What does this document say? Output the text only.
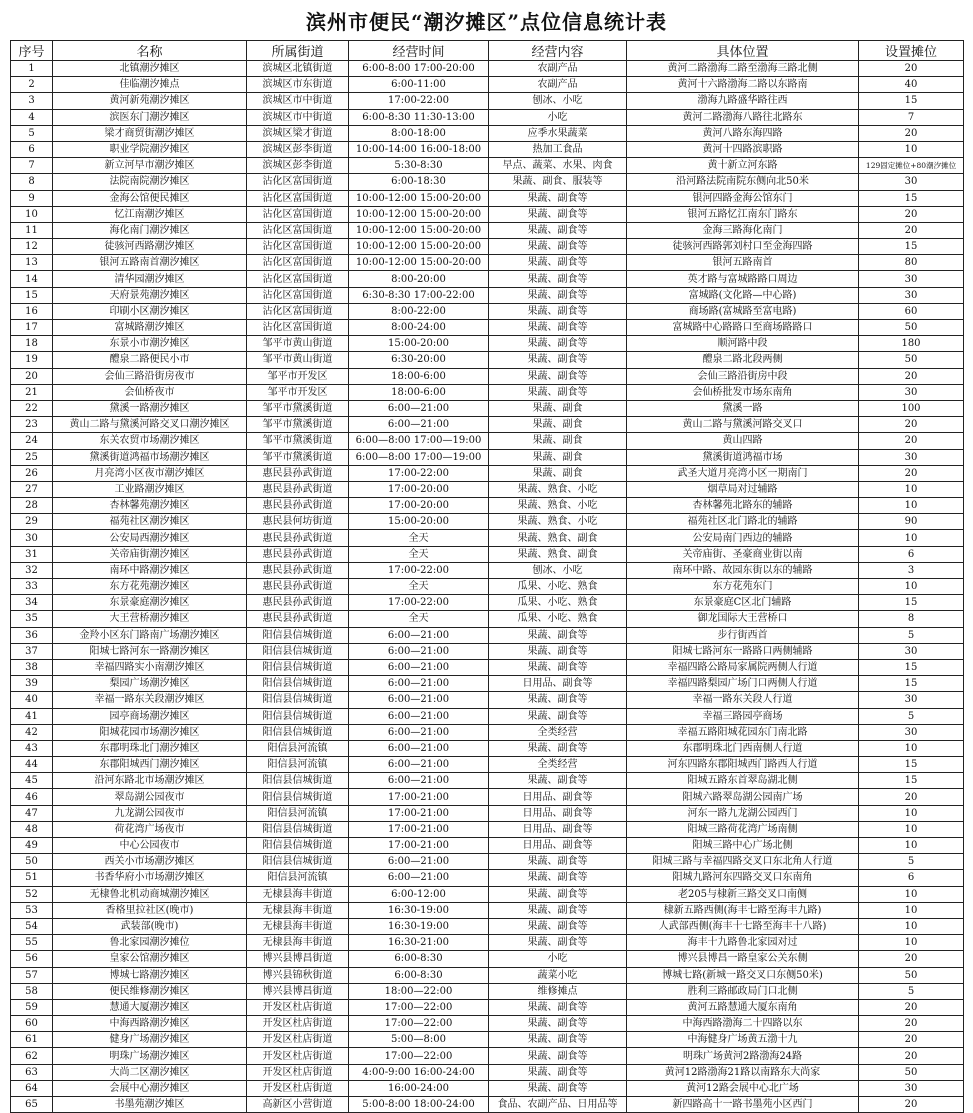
滨州市便民“潮汐摊区”点位信息统计表
序号	名称	所属街道	经营时间	经营内容	具体位置	设置摊位
1	北镇潮汐摊区	滨城区北镇街道	6:00-8:00 17:00-20:00	农副产品	黄河二路渤海二路至渤海三路北侧	20
2	佳临潮汐摊点	滨城区市东街道	6:00-11:00	农副产品	黄河十六路渤海二路以东路南	40
3	黄河新苑潮汐摊区	滨城区市中街道	17:00-22:00	刨冰、小吃	渤海九路盛华路往西	15
4	滨医东门潮汐摊区	滨城区市中街道	6:00-8:30 11:30-13:00	小吃	黄河二路渤海八路往北路东	7
5	梁才商贸街潮汐摊区	滨城区梁才街道	8:00-18:00	应季水果蔬菜	黄河八路东海四路	20
6	职业学院潮汐摊区	滨城区彭李街道	10:00-14:00 16:00-18:00	热加工食品	黄河十四路滨职路	10
7	新立河早市潮汐摊区	滨城区彭李街道	5:30-8:30	早点、蔬菜、水果、肉食	黄十新立河东路	129固定摊位+80潮汐摊位
8	法院南院潮汐摊区	沾化区富国街道	6:00-18:30	果蔬、副食、服装等	沿河路法院南院东侧向北50米	30
9	金海公馆便民摊区	沾化区富国街道	10:00-12:00 15:00-20:00	果蔬、副食等	银河四路金海公馆东门	15
10	忆江南潮汐摊区	沾化区富国街道	10:00-12:00 15:00-20:00	果蔬、副食等	银河五路忆江南东门路东	20
11	海化南门潮汐摊区	沾化区富国街道	10:00-12:00 15:00-20:00	果蔬、副食等	金海三路海化南门	20
12	徒骇河西路潮汐摊区	沾化区富国街道	10:00-12:00 15:00-20:00	果蔬、副食等	徒骇河西路郭刘村口至金海四路	15
13	银河五路南首潮汐摊区	沾化区富国街道	10:00-12:00 15:00-20:00	果蔬、副食等	银河五路南首	80
14	清华园潮汐摊区	沾化区富国街道	8:00-20:00	果蔬、副食等	英才路与富城路路口周边	30
15	天府景苑潮汐摊区	沾化区富国街道	6:30-8:30 17:00-22:00	果蔬、副食等	富城路(文化路—中心路)	30
16	印刷小区潮汐摊区	沾化区富国街道	8:00-22:00	果蔬、副食等	商场路(富城路至富电路)	60
17	富城路潮汐摊区	沾化区富国街道	8:00-24:00	果蔬、副食等	富城路中心路路口至商场路路口	50
18	东景小市潮汐摊区	邹平市黄山街道	15:00-20:00	果蔬、副食等	顺河路中段	180
19	醴泉二路便民小市	邹平市黄山街道	6:30-20:00	果蔬、副食等	醴泉二路北段两侧	50
20	会仙三路沿街房夜市	邹平市开发区	18:00-6:00	果蔬、副食等	会仙三路沿街房中段	20
21	会仙桥夜市	邹平市开发区	18:00-6:00	果蔬、副食等	会仙桥批发市场东南角	30
22	黛溪一路潮汐摊区	邹平市黛溪街道	6:00—21:00	果蔬、副食	黛溪一路	100
23	黄山二路与黛溪河路交叉口潮汐摊区	邹平市黛溪街道	6:00—21:00	果蔬、副食	黄山二路与黛溪河路交叉口	20
24	东关农贸市场潮汐摊区	邹平市黛溪街道	6:00—8:00 17:00—19:00	果蔬、副食	黄山四路	20
25	黛溪街道鸿福市场潮汐摊区	邹平市黛溪街道	6:00—8:00 17:00—19:00	果蔬、副食	黛溪街道鸿福市场	30
26	月亮湾小区夜市潮汐摊区	惠民县孙武街道	17:00-22:00	果蔬、副食	武圣大道月亮湾小区一期南门	20
27	工业路潮汐摊区	惠民县孙武街道	17:00-20:00	果蔬、熟食、小吃	烟草局对过辅路	10
28	杏林馨苑潮汐摊区	惠民县孙武街道	17:00-20:00	果蔬、熟食、小吃	杏林馨苑北路东的辅路	10
29	福苑社区潮汐摊区	惠民县何坊街道	15:00-20:00	果蔬、熟食、小吃	福苑社区北门路北的辅路	90
30	公安局西潮汐摊区	惠民县孙武街道	全天	果蔬、熟食、副食	公安局南门西边的辅路	10
31	关帝庙街潮汐摊区	惠民县孙武街道	全天	果蔬、熟食、副食	关帝庙街、圣豪商业街以南	6
32	南环中路潮汐摊区	惠民县孙武街道	17:00-22:00	刨冰、小吃	南环中路、故园东街以东的辅路	3
33	东方花苑潮汐摊区	惠民县孙武街道	全天	瓜果、小吃、熟食	东方花苑东门	10
34	东景豪庭潮汐摊区	惠民县孙武街道	17:00-22:00	瓜果、小吃、熟食	东景豪庭C区北门辅路	15
35	大王营桥潮汐摊区	惠民县孙武街道	全天	瓜果、小吃、熟食	御龙国际大王营桥口	8
36	金羚小区东门路南广场潮汐摊区	阳信县信城街道	6:00—21:00	果蔬、副食等	步行街西首	5
37	阳城七路河东一路潮汐摊区	阳信县信城街道	6:00—21:00	果蔬、副食等	阳城七路河东一路路口两侧辅路	30
38	幸福四路实小南潮汐摊区	阳信县信城街道	6:00—21:00	果蔬、副食等	幸福四路公路局家属院两侧人行道	15
39	梨园广场潮汐摊区	阳信县信城街道	6:00—21:00	日用品、副食等	幸福四路梨园广场门口两侧人行道	15
40	幸福一路东关段潮汐摊区	阳信县信城街道	6:00—21:00	果蔬、副食等	幸福一路东关段人行道	30
41	园亭商场潮汐摊区	阳信县信城街道	6:00—21:00	果蔬、副食等	幸福三路园亭商场	5
42	阳城花园市场潮汐摊区	阳信县信城街道	6:00—21:00	全类经营	幸福五路阳城花园东门南北路	30
43	东郡明珠北门潮汐摊区	阳信县河流镇	6:00—21:00	果蔬、副食等	东郡明珠北门西南侧人行道	10
44	东郡阳城西门潮汐摊区	阳信县河流镇	6:00—21:00	全类经营	河东四路东郡阳城西门路西人行道	15
45	沿河东路北市场潮汐摊区	阳信县信城街道	6:00—21:00	果蔬、副食等	阳城五路东首翠岛湖北侧	15
46	翠岛湖公园夜市	阳信县信城街道	17:00-21:00	日用品、副食等	阳城六路翠岛湖公园南广场	20
47	九龙湖公园夜市	阳信县河流镇	17:00-21:00	日用品、副食等	河东一路九龙湖公园西门	10
48	荷花湾广场夜市	阳信县信城街道	17:00-21:00	日用品、副食等	阳城三路荷花湾广场南侧	10
49	中心公园夜市	阳信县信城街道	17:00-21:00	日用品、副食等	阳城三路中心广场北侧	10
50	西关小市场潮汐摊区	阳信县信城街道	6:00—21:00	果蔬、副食等	阳城三路与幸福四路交叉口东北角人行道	5
51	书香华府小市场潮汐摊区	阳信县河流镇	6:00—21:00	果蔬、副食等	阳城九路河东四路交叉口东南角	6
52	无棣鲁北机动商城潮汐摊区	无棣县海丰街道	6:00-12:00	果蔬、副食等	老205与棣新三路交叉口南侧	10
53	香格里拉社区(晚市)	无棣县海丰街道	16:30-19:00	果蔬、副食等	棣新五路西侧(海丰七路至海丰九路)	10
54	武装部(晚市)	无棣县海丰街道	16:30-19:00	果蔬、副食等	人武部西侧(海丰十七路至海丰十八路)	10
55	鲁北家园潮汐摊位	无棣县海丰街道	16:30-21:00	果蔬、副食等	海丰十九路鲁北家园对过	10
56	皇家公馆潮汐摊区	博兴县博昌街道	6:00-8:30	小吃	博兴县博昌一路皇家公关东侧	20
57	博城七路潮汐摊区	博兴县锦秋街道	6:00-8:30	蔬菜小吃	博城七路(新城一路交叉口东侧50米)	50
58	便民维修潮汐摊区	博兴县博昌街道	18:00—22:00	维修摊点	胜利三路邮政局门口北侧	5
59	慧通大厦潮汐摊区	开发区杜店街道	17:00—22:00	果蔬、副食等	黄河五路慧通大厦东南角	20
60	中海西路潮汐摊区	开发区杜店街道	17:00—22:00	果蔬、副食等	中海西路渤海二十四路以东	20
61	健身广场潮汐摊区	开发区杜店街道	5:00—8:00	果蔬、副食等	中海健身广场黄五渤十九	20
62	明珠广场潮汐摊区	开发区杜店街道	17:00—22:00	果蔬、副食等	明珠广场黄河2路渤海24路	20
63	大尚二区潮汐摊区	开发区杜店街道	4:00-9:00 16:00-24:00	果蔬、副食等	黄河12路渤海21路以南路东大尚家	50
64	会展中心潮汐摊区	开发区杜店街道	16:00-24:00	果蔬、副食等	黄河12路会展中心北广场	30
65	书墨苑潮汐摊区	高新区小营街道	5:00-8:00 18:00-24:00	食品、农副产品、日用品等	新四路高十一路书墨苑小区西门	20
